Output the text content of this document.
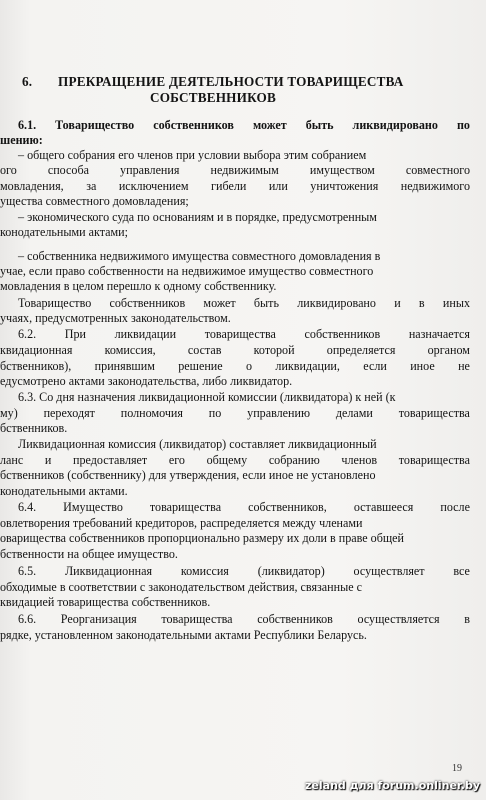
6. ПРЕКРАЩЕНИЕ ДЕЯТЕЛЬНОСТИ ТОВАРИЩЕСТВА
СОБСТВЕННИКОВ
6.1. Товарищество собственников может быть ликвидировано по
шению:
– общего собрания его членов при условии выбора этим собранием
ого	способа	управления	недвижимым	имуществом	совместного
мовладения, за исключением гибели или уничтожения недвижимого
ущества совместного домовладения;
– экономического суда по основаниям и в порядке, предусмотренным
конодательными актами;
– собственника недвижимого имущества совместного домовладения в
учае, если право собственности на недвижимое имущество совместного
мовладения в целом перешло к одному собственнику.
Товарищество собственников может быть ликвидировано и в иных
учаях, предусмотренных законодательством.
6.2. При ликвидации товарищества собственников назначается
квидационная	комиссия,	состав	которой	определяется	органом
бственников), принявшим решение о ликвидации, если иное не
едусмотрено актами законодательства, либо ликвидатор.
6.3. Со дня назначения ликвидационной комиссии (ликвидатора) к ней (к
му) переходят полномочия по управлению делами товарищества
бственников.
Ликвидационная комиссия (ликвидатор) составляет ликвидационный
ланс и предоставляет его общему собранию членов товарищества
бственников (собственнику) для утверждения, если иное не установлено
конодательными актами.
6.4. Имущество товарищества собственников, оставшееся после
овлетворения требований кредиторов, распределяется между членами
оварищества собственников пропорционально размеру их доли в праве общей
бственности на общее имущество.
6.5. Ликвидационная комиссия (ликвидатор) осуществляет все
обходимые в соответствии с законодательством действия, связанные с
квидацией товарищества собственников.
6.6. Реорганизация товарищества собственников осуществляется в
рядке, установленном законодательными актами Республики Беларусь.
19
zeland для forum.onliner.by
